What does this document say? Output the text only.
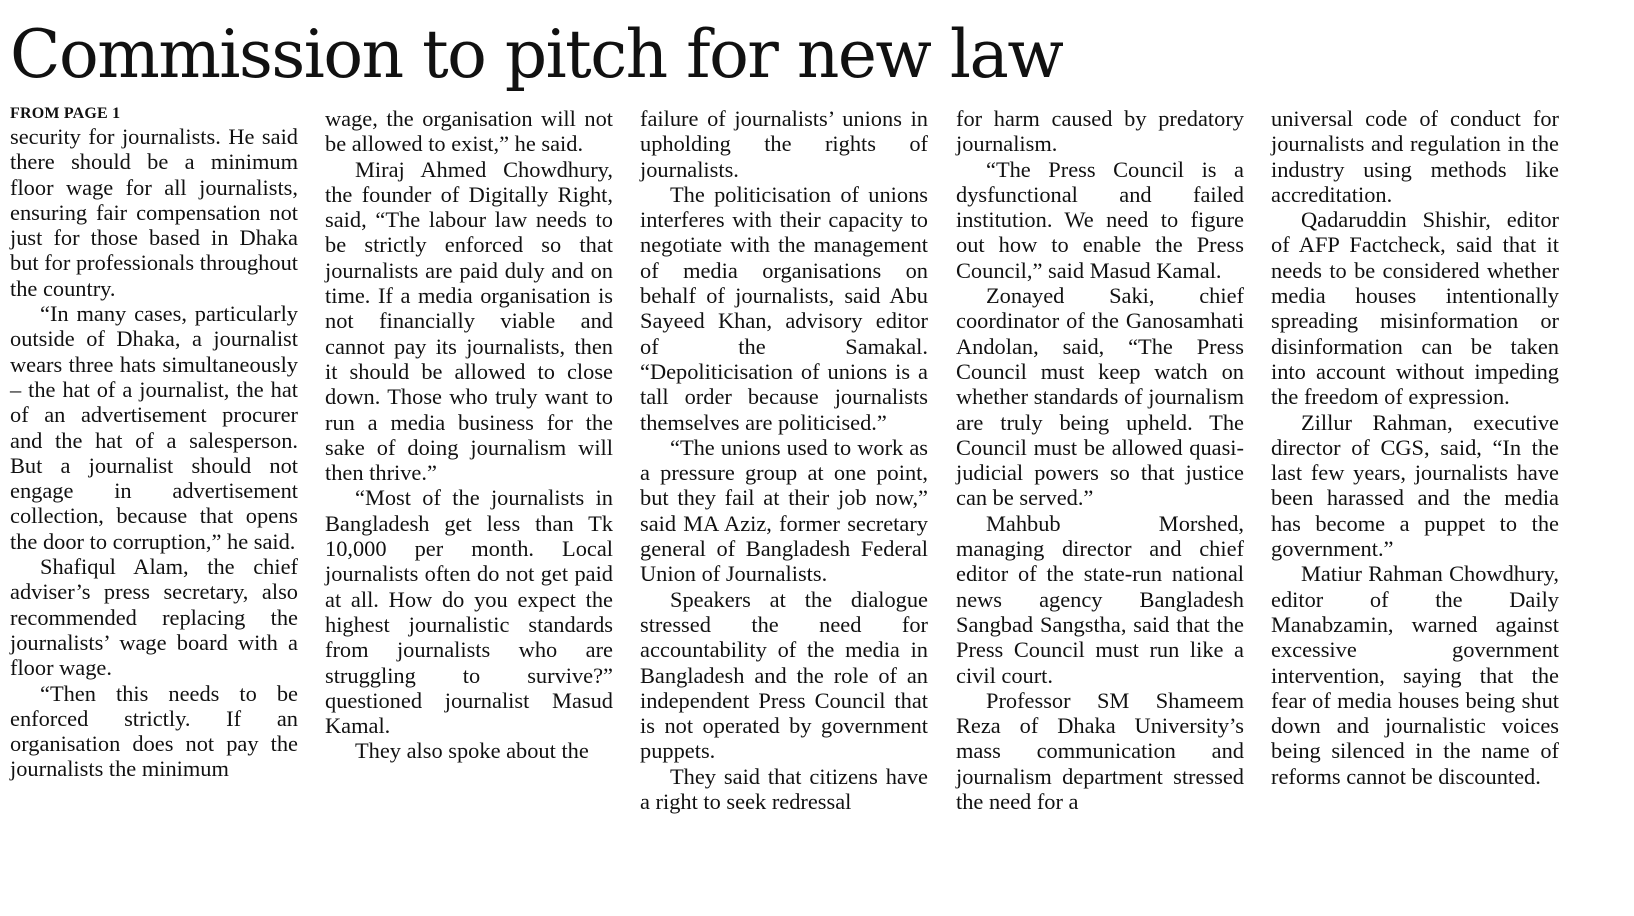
Commission to pitch for new law
FROM PAGE 1

security for journalists. He said there should be a minimum floor wage for all journalists, ensuring fair compensation not just for those based in Dhaka but for professionals throughout the country.

“In many cases, particularly outside of Dhaka, a journalist wears three hats simultaneously – the hat of a journalist, the hat of an advertisement procurer and the hat of a salesperson. But a journalist should not engage in advertisement collection, because that opens the door to corruption,” he said.

Shafiqul Alam, the chief adviser’s press secretary, also recommended replacing the journalists’ wage board with a floor wage.

“Then this needs to be enforced strictly. If an organisation does not pay the journalists the minimum

wage, the organisation will not be allowed to exist,” he said.

Miraj Ahmed Chowdhury, the founder of Digitally Right, said, “The labour law needs to be strictly enforced so that journalists are paid duly and on time. If a media organisation is not financially viable and cannot pay its journalists, then it should be allowed to close down. Those who truly want to run a media business for the sake of doing journalism will then thrive.”

“Most of the journalists in Bangladesh get less than Tk 10,000 per month. Local journalists often do not get paid at all. How do you expect the highest journalistic standards from journalists who are struggling to survive?” questioned journalist Masud Kamal.

They also spoke about the

failure of journalists’ unions in upholding the rights of journalists.

The politicisation of unions interferes with their capacity to negotiate with the management of media organisations on behalf of journalists, said Abu Sayeed Khan, advisory editor of the Samakal. “Depoliticisation of unions is a tall order because journalists themselves are politicised.”

“The unions used to work as a pressure group at one point, but they fail at their job now,” said MA Aziz, former secretary general of Bangladesh Federal Union of Journalists.

Speakers at the dialogue stressed the need for accountability of the media in Bangladesh and the role of an independent Press Council that is not operated by government puppets.

They said that citizens have a right to seek redressal

for harm caused by predatory journalism.

“The Press Council is a dysfunctional and failed institution. We need to figure out how to enable the Press Council,” said Masud Kamal.

Zonayed Saki, chief coordinator of the Ganosamhati Andolan, said, “The Press Council must keep watch on whether standards of journalism are truly being upheld. The Council must be allowed quasi-judicial powers so that justice can be served.”

Mahbub Morshed, managing director and chief editor of the state-run national news agency Bangladesh Sangbad Sangstha, said that the Press Council must run like a civil court.

Professor SM Shameem Reza of Dhaka University’s mass communication and journalism department stressed the need for a

universal code of conduct for journalists and regulation in the industry using methods like accreditation.

Qadaruddin Shishir, editor of AFP Factcheck, said that it needs to be considered whether media houses intentionally spreading misinformation or disinformation can be taken into account without impeding the freedom of expression.

Zillur Rahman, executive director of CGS, said, “In the last few years, journalists have been harassed and the media has become a puppet to the government.”

Matiur Rahman Chowdhury, editor of the Daily Manabzamin, warned against excessive government intervention, saying that the fear of media houses being shut down and journalistic voices being silenced in the name of reforms cannot be discounted.
